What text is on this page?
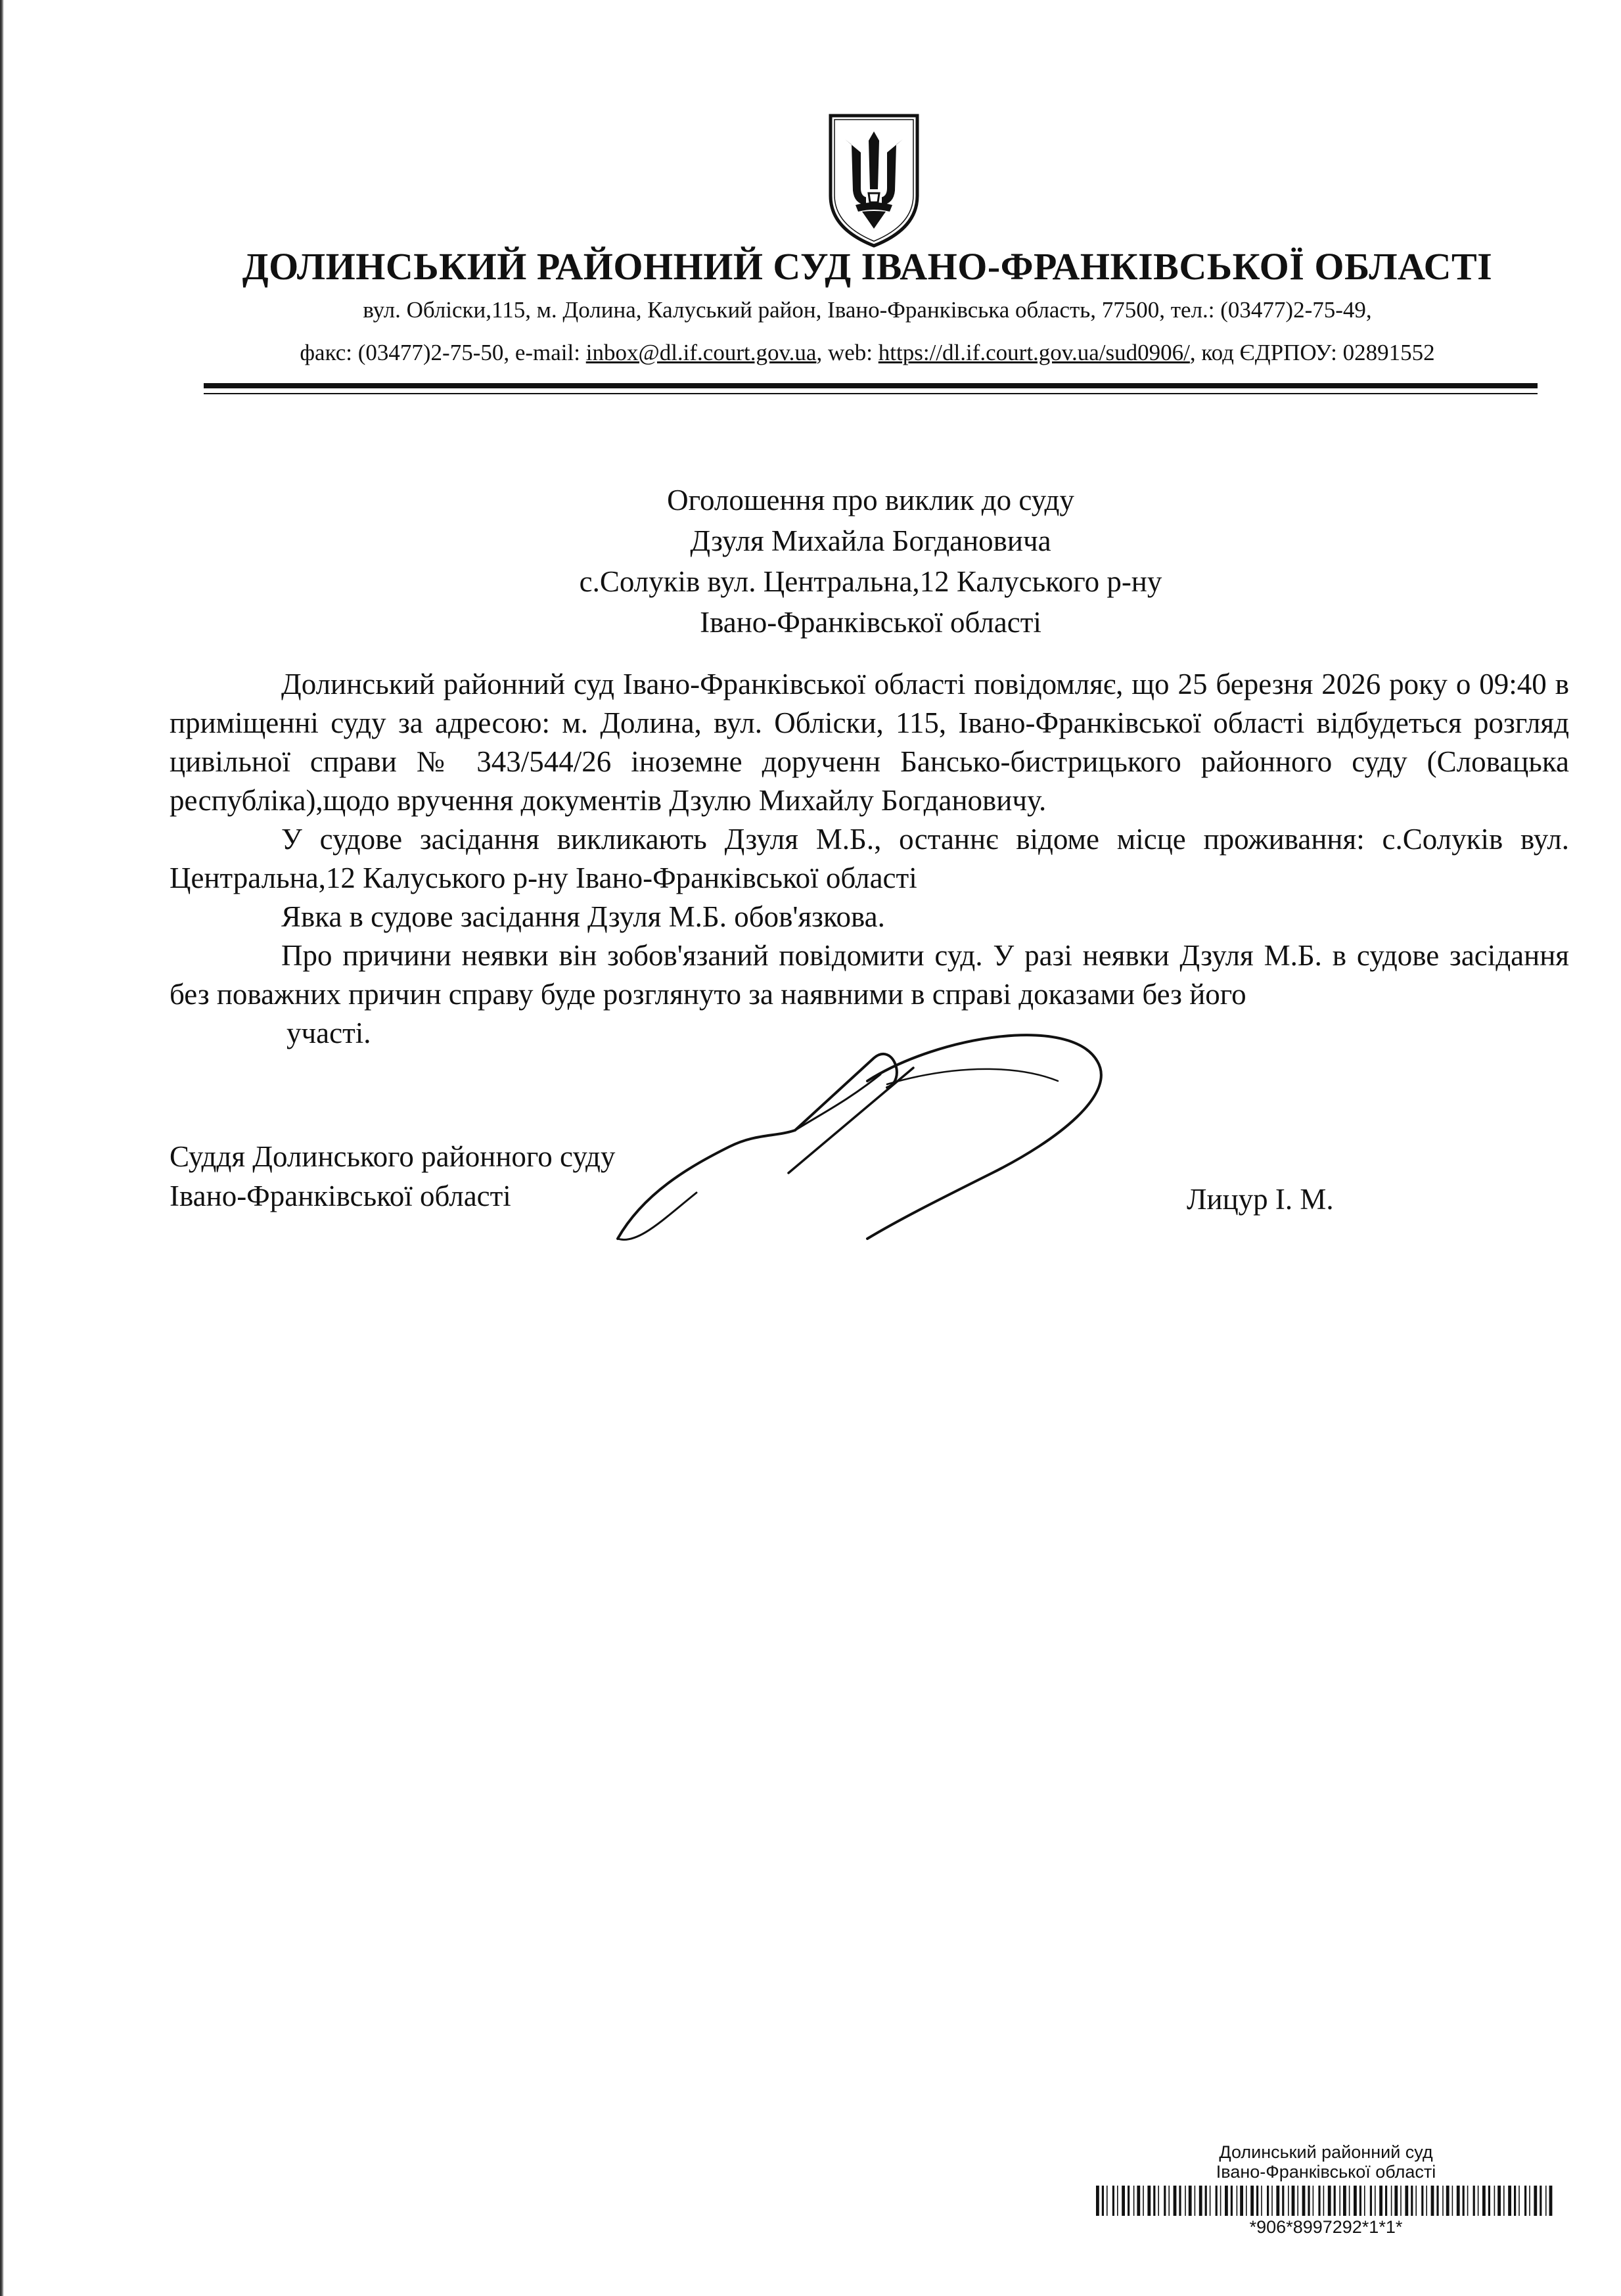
ДОЛИНСЬКИЙ РАЙОННИЙ СУД ІВАНО-ФРАНКІВСЬКОЇ ОБЛАСТІ
вул. Обліски,115, м. Долина, Калуський район, Івано-Франківська область, 77500, тел.: (03477)2-75-49,
факс: (03477)2-75-50, e-mail: inbox@dl.if.court.gov.ua, web: https://dl.if.court.gov.ua/sud0906/, код ЄДРПОУ: 02891552
Оголошення про виклик до суду
Дзуля Михайла Богдановича
с.Солуків вул. Центральна,12 Калуського р-ну
Івано-Франківської області

Долинський районний суд Івано-Франківської області повідомляє, що 25 березня 2026 року о 09:40 в приміщенні суду за адресою: м. Долина, вул. Обліски, 115, Івано-Франківської області відбудеться розгляд цивільної справи № 343/544/26 іноземне дорученн Бансько-бистрицького районного суду (Словацька республіка),щодо вручення документів Дзулю Михайлу Богдановичу.

У судове засідання викликають Дзуля М.Б., останнє відоме місце проживання: с.Солуків вул. Центральна,12 Калуського р-ну Івано-Франківської області

Явка в судове засідання Дзуля М.Б. обов'язкова.

Про причини неявки він зобов'язаний повідомити суд. У разі неявки Дзуля М.Б. в судове засідання без поважних причин справу буде розглянуто за наявними в справі доказами без його

участі.
Суддя Долинського районного суду
Івано-Франківської області	Лицур І. М.
Долинський районний суд
Івано-Франківської області
*906*8997292*1*1*
